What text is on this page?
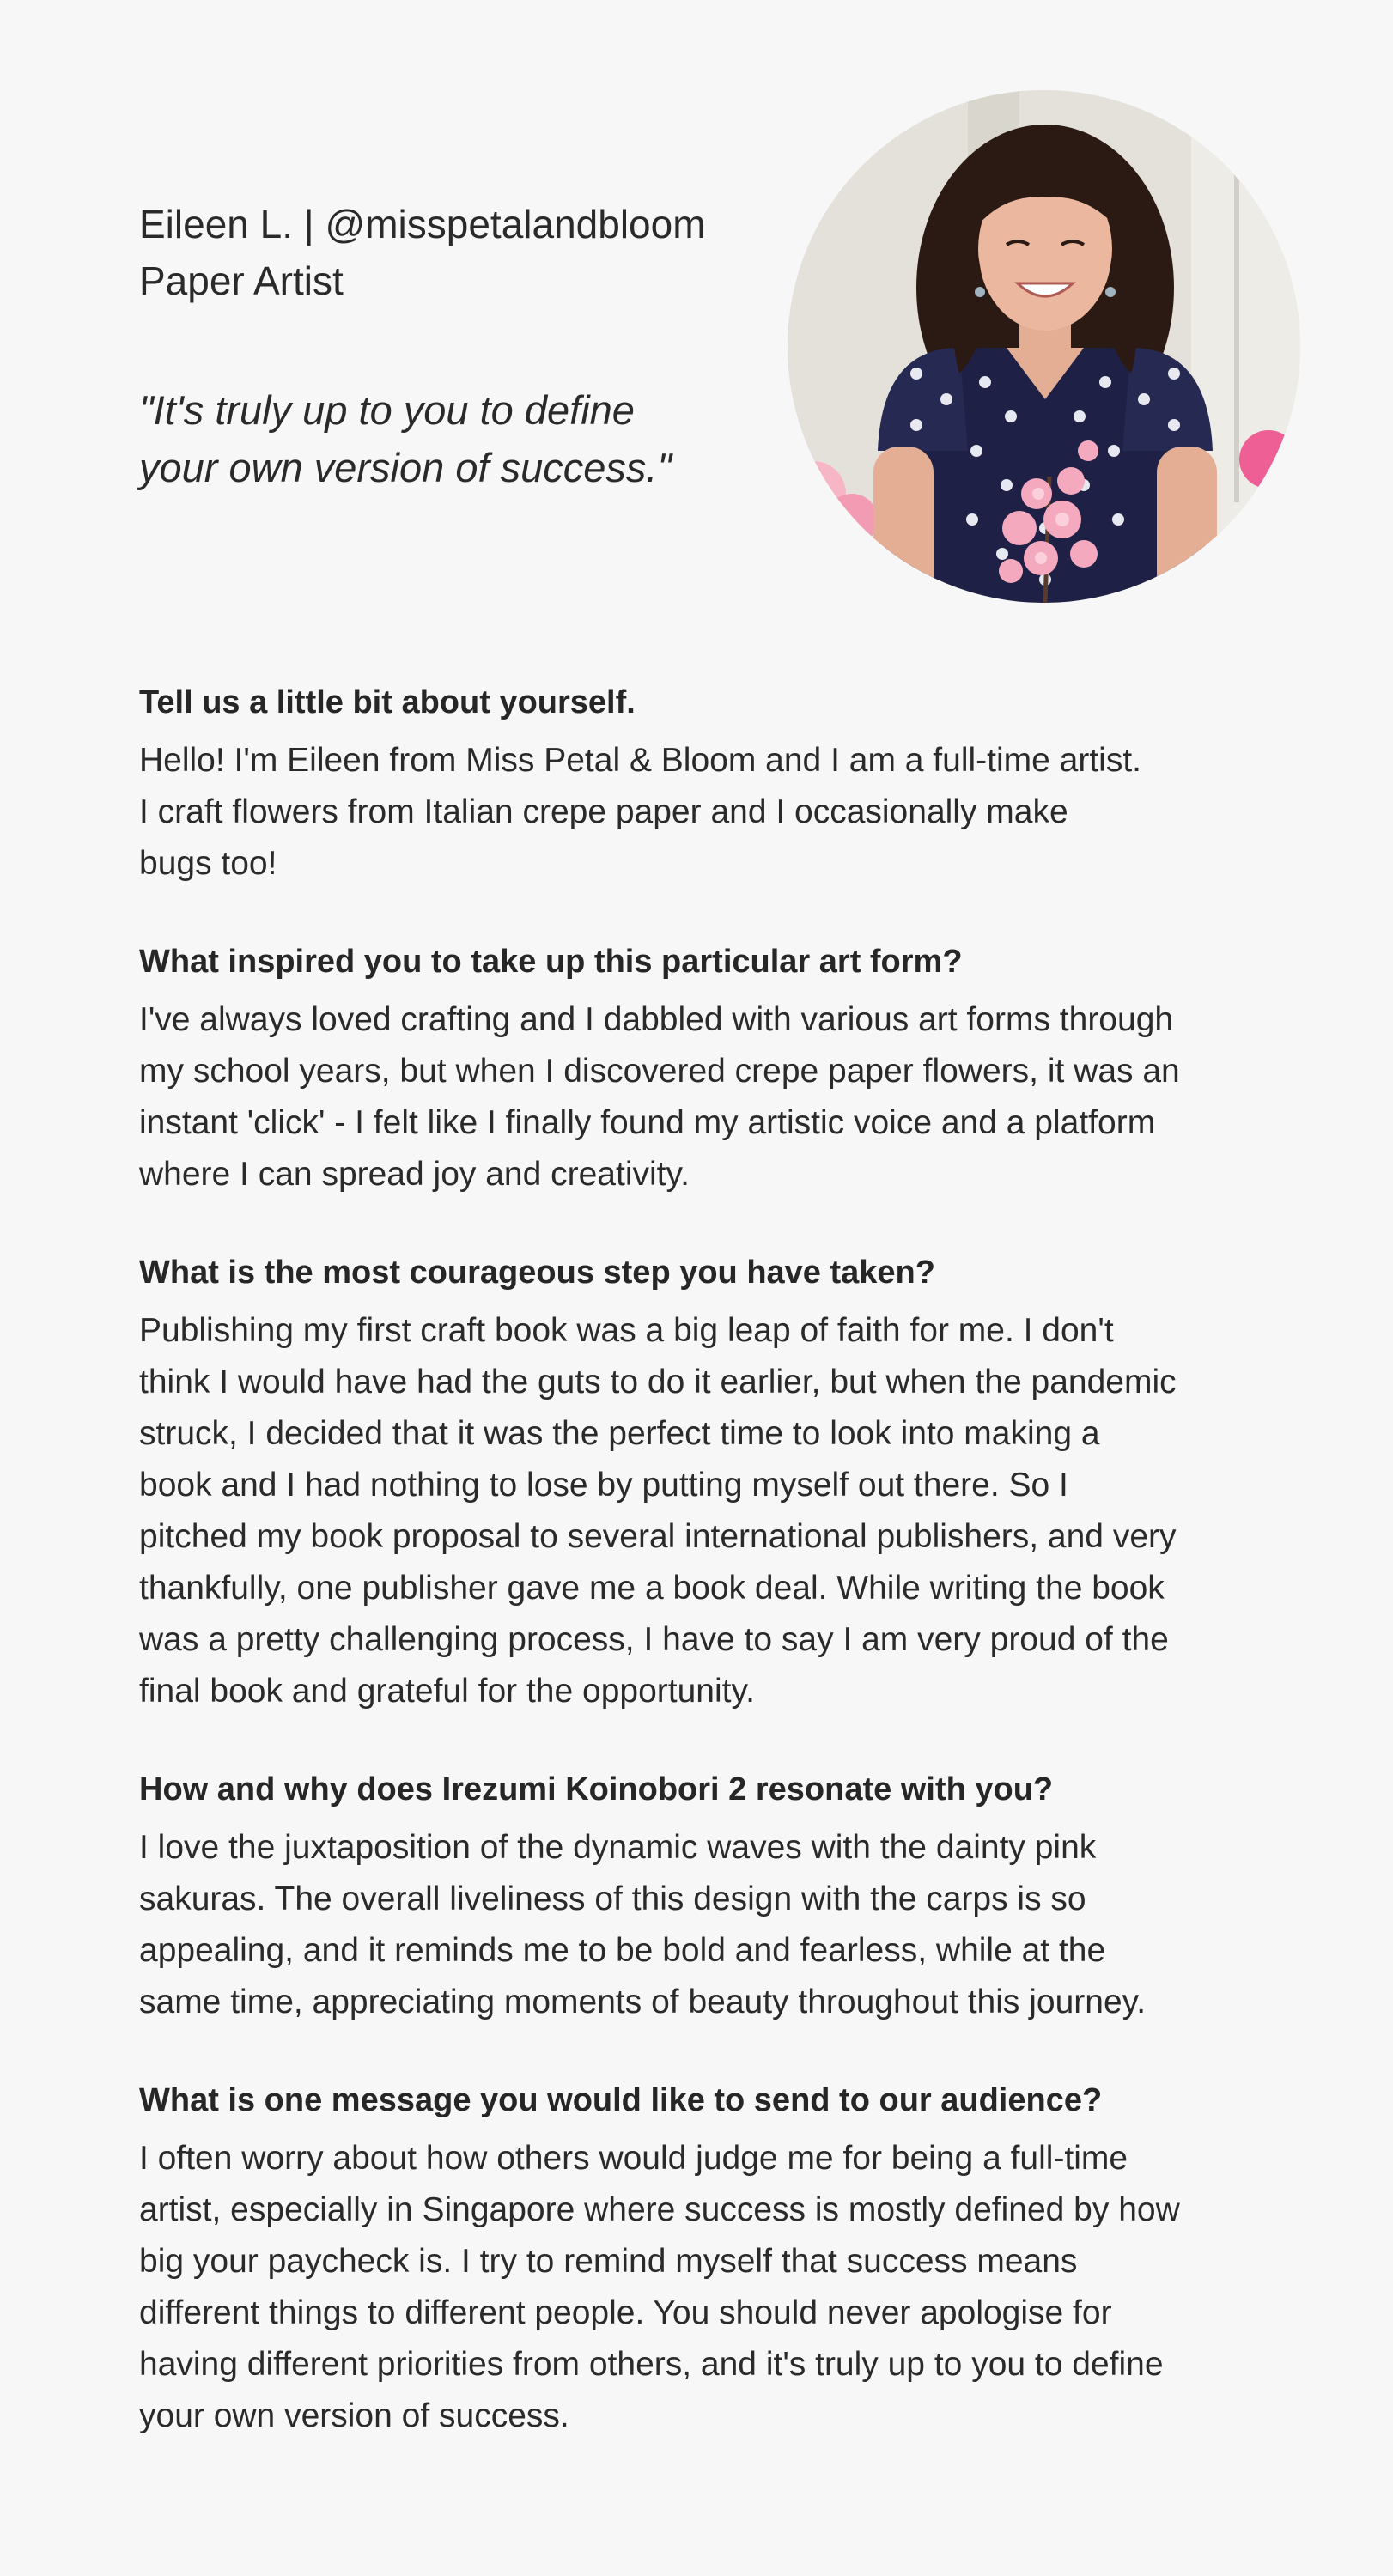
Eileen L. | @misspetalandbloom

Paper Artist

"It's truly up to you to define
your own version of success."

Tell us a little bit about yourself.

Hello! I'm Eileen from Miss Petal & Bloom and I am a full-time artist.
I craft flowers from Italian crepe paper and I occasionally make
bugs too!

What inspired you to take up this particular art form?

I've always loved crafting and I dabbled with various art forms through
my school years, but when I discovered crepe paper flowers, it was an
instant 'click' - I felt like I finally found my artistic voice and a platform
where I can spread joy and creativity.

What is the most courageous step you have taken?

Publishing my first craft book was a big leap of faith for me. I don't
think I would have had the guts to do it earlier, but when the pandemic
struck, I decided that it was the perfect time to look into making a
book and I had nothing to lose by putting myself out there. So I
pitched my book proposal to several international publishers, and very
thankfully, one publisher gave me a book deal. While writing the book
was a pretty challenging process, I have to say I am very proud of the
final book and grateful for the opportunity.

How and why does Irezumi Koinobori 2 resonate with you?

I love the juxtaposition of the dynamic waves with the dainty pink
sakuras. The overall liveliness of this design with the carps is so
appealing, and it reminds me to be bold and fearless, while at the
same time, appreciating moments of beauty throughout this journey.

What is one message you would like to send to our audience?

I often worry about how others would judge me for being a full-time
artist, especially in Singapore where success is mostly defined by how
big your paycheck is. I try to remind myself that success means
different things to different people. You should never apologise for
having different priorities from others, and it's truly up to you to define
your own version of success.
